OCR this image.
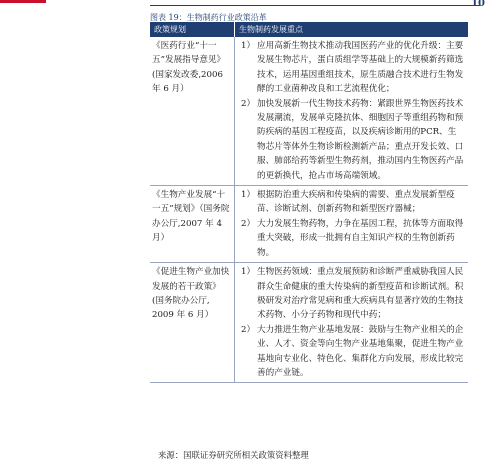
10
图表 19：生物制药行业政策沿革
政策规划	生物制药发展重点
《医药行业“十一五”发展指导意见》(国家发改委,2006 年 6 月）	1） 应用高新生物技术推动我国医药产业的优化升级：主要发展生物芯片，蛋白质组学等基础上的大规模新药筛选技术，运用基因重组技术，原生质融合技术进行生物发酵的工业菌种改良和工艺流程优化；
2） 加快发展新一代生物技术药物：紧跟世界生物医药技术发展潮流，发展单克隆抗体、细胞因子等重组药物和预防疾病的基因工程疫苗，以及疾病诊断用的PCR、生物芯片等体外生物诊断检测新产品；重点开发长效、口服、肺部给药等新型生物药剂，推动国内生物医药产品的更新换代，抢占市场高端领域。

《生物产业发展“十一五”规划》（国务院办公厅,2007 年 4 月）	1） 根据防治重大疾病和传染病的需要、重点发展新型疫苗、诊断试剂、创新药物和新型医疗器械；
2） 大力发展生物药物，力争在基因工程，抗体等方面取得重大突破，形成一批拥有自主知识产权的生物创新药物。

《促进生物产业加快发展的若干政策》(国务院办公厅, 2009 年 6 月）	1） 生物医药领域：重点发展预防和诊断严重威胁我国人民群众生命健康的重大传染病的新型疫苗和诊断试剂。积极研发对治疗常见病和重大疾病具有显著疗效的生物技术药物、小分子药物和现代中药；
2） 大力推进生物产业基地发展：鼓励与生物产业相关的企业、人才、资金等向生物产业基地集聚，促进生物产业基地向专业化、特色化、集群化方向发展，形成比较完善的产业链。
来源：国联证券研究所相关政策资料整理
